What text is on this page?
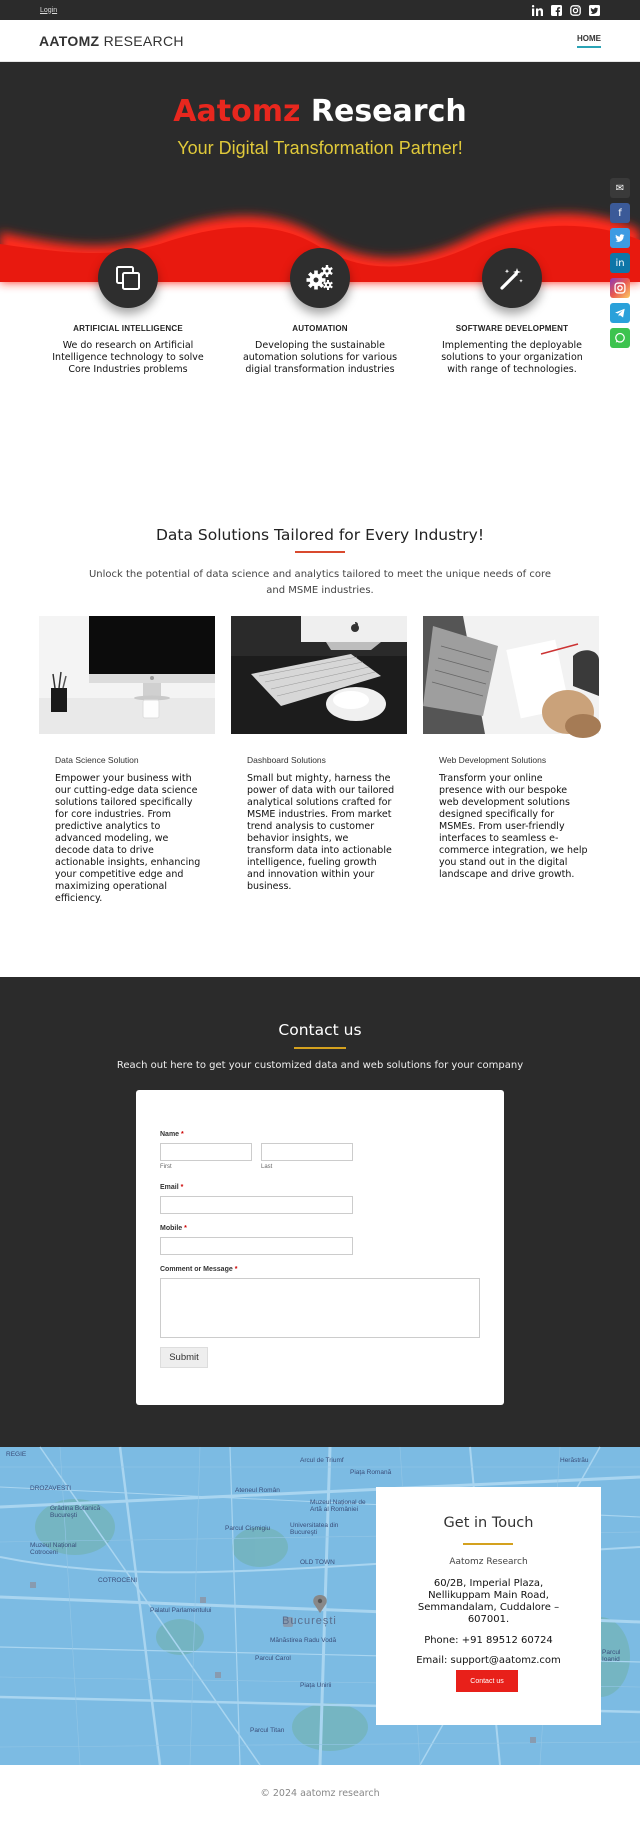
Login
AATOMZ RESEARCH	HOME
Aatomz Research
Your Digital Transformation Partner!
✉
f
in
ARTIFICIAL INTELLIGENCE
We do research on Artificial Intelligence technology to solve Core Industries problems
AUTOMATION
Developing the sustainable automation solutions for various digial transformation industries
SOFTWARE DEVELOPMENT
Implementing the deployable solutions to your organization with range of technologies.
Data Solutions Tailored for Every Industry!
Unlock the potential of data science and analytics tailored to meet the unique needs of core and MSME industries.
Data Science Solution
Empower your business with our cutting-edge data science solutions tailored specifically for core industries. From predictive analytics to advanced modeling, we decode data to drive actionable insights, enhancing your competitive edge and maximizing operational efficiency.
Dashboard Solutions
Small but mighty, harness the power of data with our tailored analytical solutions crafted for MSME industries. From market trend analysis to customer behavior insights, we transform data into actionable intelligence, fueling growth and innovation within your business.
Web Development Solutions
Transform your online presence with our bespoke web development solutions designed specifically for MSMEs. From user-friendly interfaces to seamless e-commerce integration, we help you stand out in the digital landscape and drive growth.
Contact us
Reach out here to get your customized data and web solutions for your company
Name *
First	Last
Email *
Mobile *
Comment or Message *
Submit
REGIE
DROZAVESTI
Grădina Botanică Bucureşti
Muzeul Național Cotroceni
COTROCENI
Palatul Parlamentului
Ateneul Român
Muzeul Național de Artă al României
Parcul Cişmigiu	Universitatea din Bucureşti
OLD TOWN
Parcul Carol
Mănăstirea Radu Vodă
București
Piața Unirii
Parcul Titan
Herăstrău
Piața Romană
Parcul Ioanid
Arcul de Triumf
Get in Touch
Aatomz Research
60/2B, Imperial Plaza, Nellikuppam Main Road, Semmandalam, Cuddalore – 607001.
Phone: +91 89512 60724
Email: support@aatomz.com
Contact us
© 2024 aatomz research
